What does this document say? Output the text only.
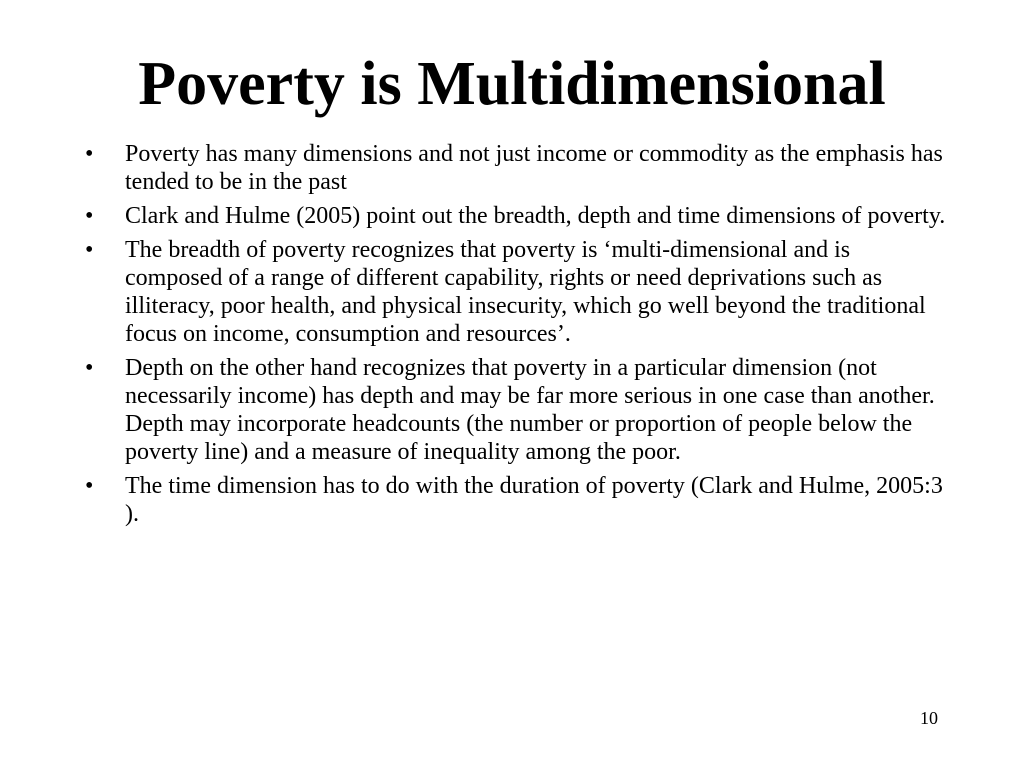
Poverty is Multidimensional
•	Poverty has many dimensions and not just income or commodity as the emphasis has tended to be in the past
•	Clark and Hulme (2005) point out the breadth, depth and time dimensions of poverty.
•	The breadth of poverty recognizes that poverty is ‘multi-dimensional and is composed of a range of different capability, rights or need deprivations such as illiteracy, poor health, and physical insecurity, which go well beyond the traditional focus on income, consumption and resources’.
•	Depth on the other hand recognizes that poverty in a particular dimension (not necessarily income) has depth and may be far more serious in one case than another. Depth may incorporate headcounts (the number or proportion of people below the poverty line) and a measure of inequality among the poor.
•	The time dimension has to do with the duration of poverty (Clark and Hulme, 2005:3 ).
10
